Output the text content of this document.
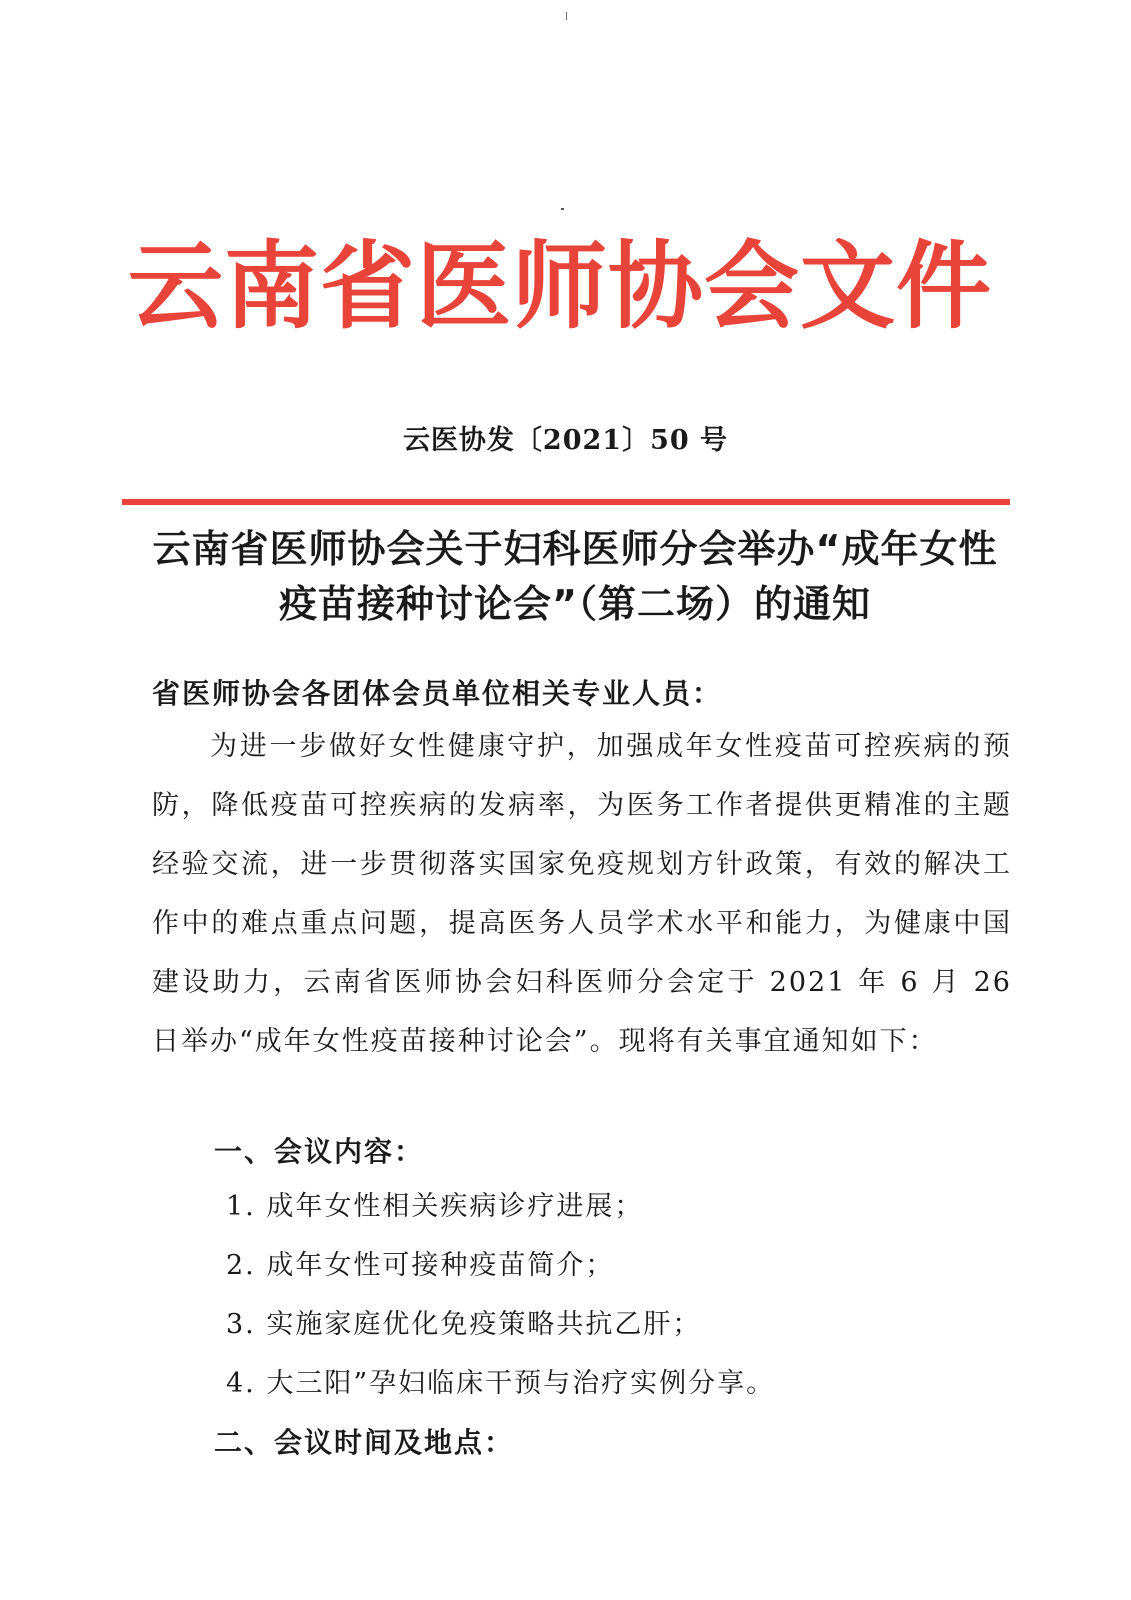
云南省医师协会文件
云医协发〔2021〕50 号
云南省医师协会关于妇科医师分会举办“成年女性疫苗接种讨论会”（第二场）的通知
省医师协会各团体会员单位相关专业人员：
为进一步做好女性健康守护，加强成年女性疫苗可控疾病的预防，降低疫苗可控疾病的发病率，为医务工作者提供更精准的主题经验交流，进一步贯彻落实国家免疫规划方针政策，有效的解决工作中的难点重点问题，提高医务人员学术水平和能力，为健康中国建设助力，云南省医师协会妇科医师分会定于 2021 年 6 月 26 日举办“成年女性疫苗接种讨论会”。现将有关事宜通知如下：
一、会议内容：
1. 成年女性相关疾病诊疗进展；
2. 成年女性可接种疫苗简介；
3. 实施家庭优化免疫策略共抗乙肝；
4. 大三阳”孕妇临床干预与治疗实例分享。
二、会议时间及地点：
